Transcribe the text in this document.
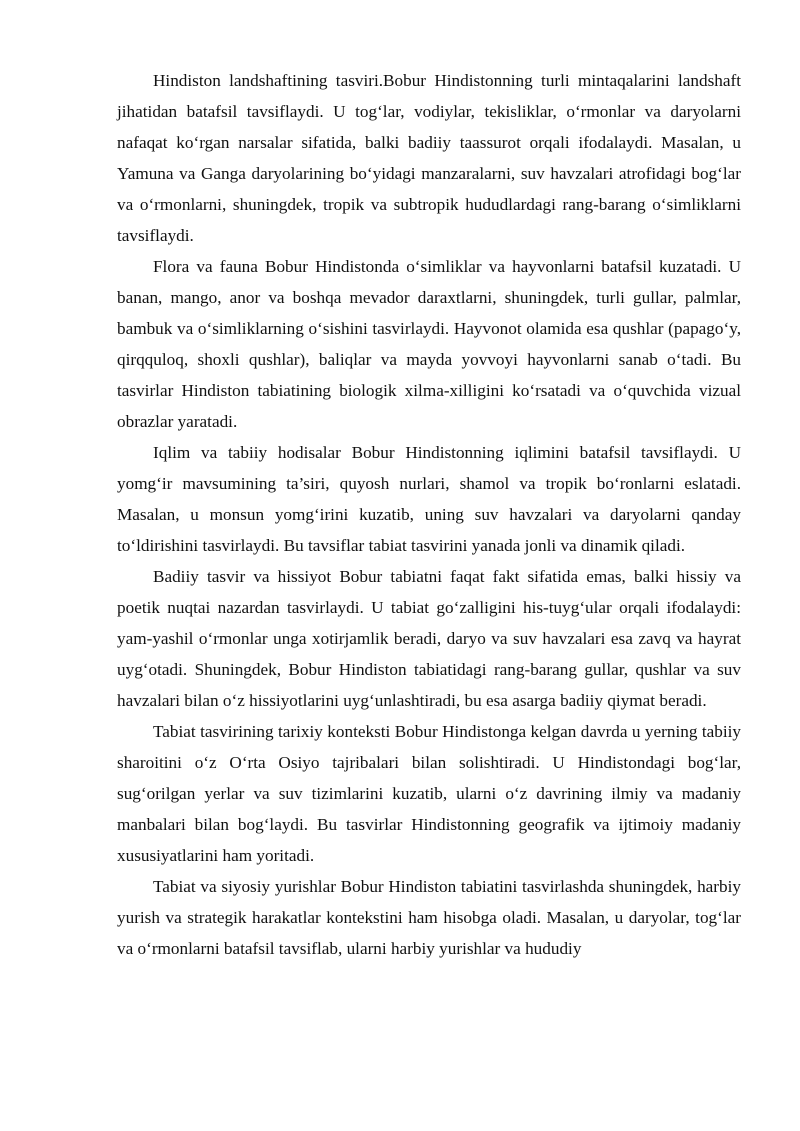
Hindiston landshaftining tasviri.Bobur Hindistonning turli mintaqalarini landshaft jihatidan batafsil tavsiflaydi. U tog‘lar, vodiylar, tekisliklar, o‘rmonlar va daryolarni nafaqat ko‘rgan narsalar sifatida, balki badiiy taassurot orqali ifodalaydi. Masalan, u Yamuna va Ganga daryolarining bo‘yidagi manzaralarni, suv havzalari atrofidagi bog‘lar va o‘rmonlarni, shuningdek, tropik va subtropik hududlardagi rang-barang o‘simliklarni tavsiflaydi.

Flora va fauna Bobur Hindistonda o‘simliklar va hayvonlarni batafsil kuzatadi. U banan, mango, anor va boshqa mevador daraxtlarni, shuningdek, turli gullar, palmlar, bambuk va o‘simliklarning o‘sishini tasvirlaydi. Hayvonot olamida esa qushlar (papago‘y, qirqquloq, shoxli qushlar), baliqlar va mayda yovvoyi hayvonlarni sanab o‘tadi. Bu tasvirlar Hindiston tabiatining biologik xilma-xilligini ko‘rsatadi va o‘quvchida vizual obrazlar yaratadi.

Iqlim va tabiiy hodisalar Bobur Hindistonning iqlimini batafsil tavsiflaydi. U yomg‘ir mavsumining ta’siri, quyosh nurlari, shamol va tropik bo‘ronlarni eslatadi. Masalan, u monsun yomg‘irini kuzatib, uning suv havzalari va daryolarni qanday to‘ldirishini tasvirlaydi. Bu tavsiflar tabiat tasvirini yanada jonli va dinamik qiladi.

Badiiy tasvir va hissiyot Bobur tabiatni faqat fakt sifatida emas, balki hissiy va poetik nuqtai nazardan tasvirlaydi. U tabiat go‘zalligini his-tuyg‘ular orqali ifodalaydi: yam-yashil o‘rmonlar unga xotirjamlik beradi, daryo va suv havzalari esa zavq va hayrat uyg‘otadi. Shuningdek, Bobur Hindiston tabiatidagi rang-barang gullar, qushlar va suv havzalari bilan o‘z hissiyotlarini uyg‘unlashtiradi, bu esa asarga badiiy qiymat beradi.

Tabiat tasvirining tarixiy konteksti Bobur Hindistonga kelgan davrda u yerning tabiiy sharoitini o‘z O‘rta Osiyo tajribalari bilan solishtiradi. U Hindistondagi bog‘lar, sug‘orilgan yerlar va suv tizimlarini kuzatib, ularni o‘z davrining ilmiy va madaniy manbalari bilan bog‘laydi. Bu tasvirlar Hindistonning geografik va ijtimoiy madaniy xususiyatlarini ham yoritadi.

Tabiat va siyosiy yurishlar Bobur Hindiston tabiatini tasvirlashda shuningdek, harbiy yurish va strategik harakatlar kontekstini ham hisobga oladi. Masalan, u daryolar, tog‘lar va o‘rmonlarni batafsil tavsiflab, ularni harbiy yurishlar va hududiy
